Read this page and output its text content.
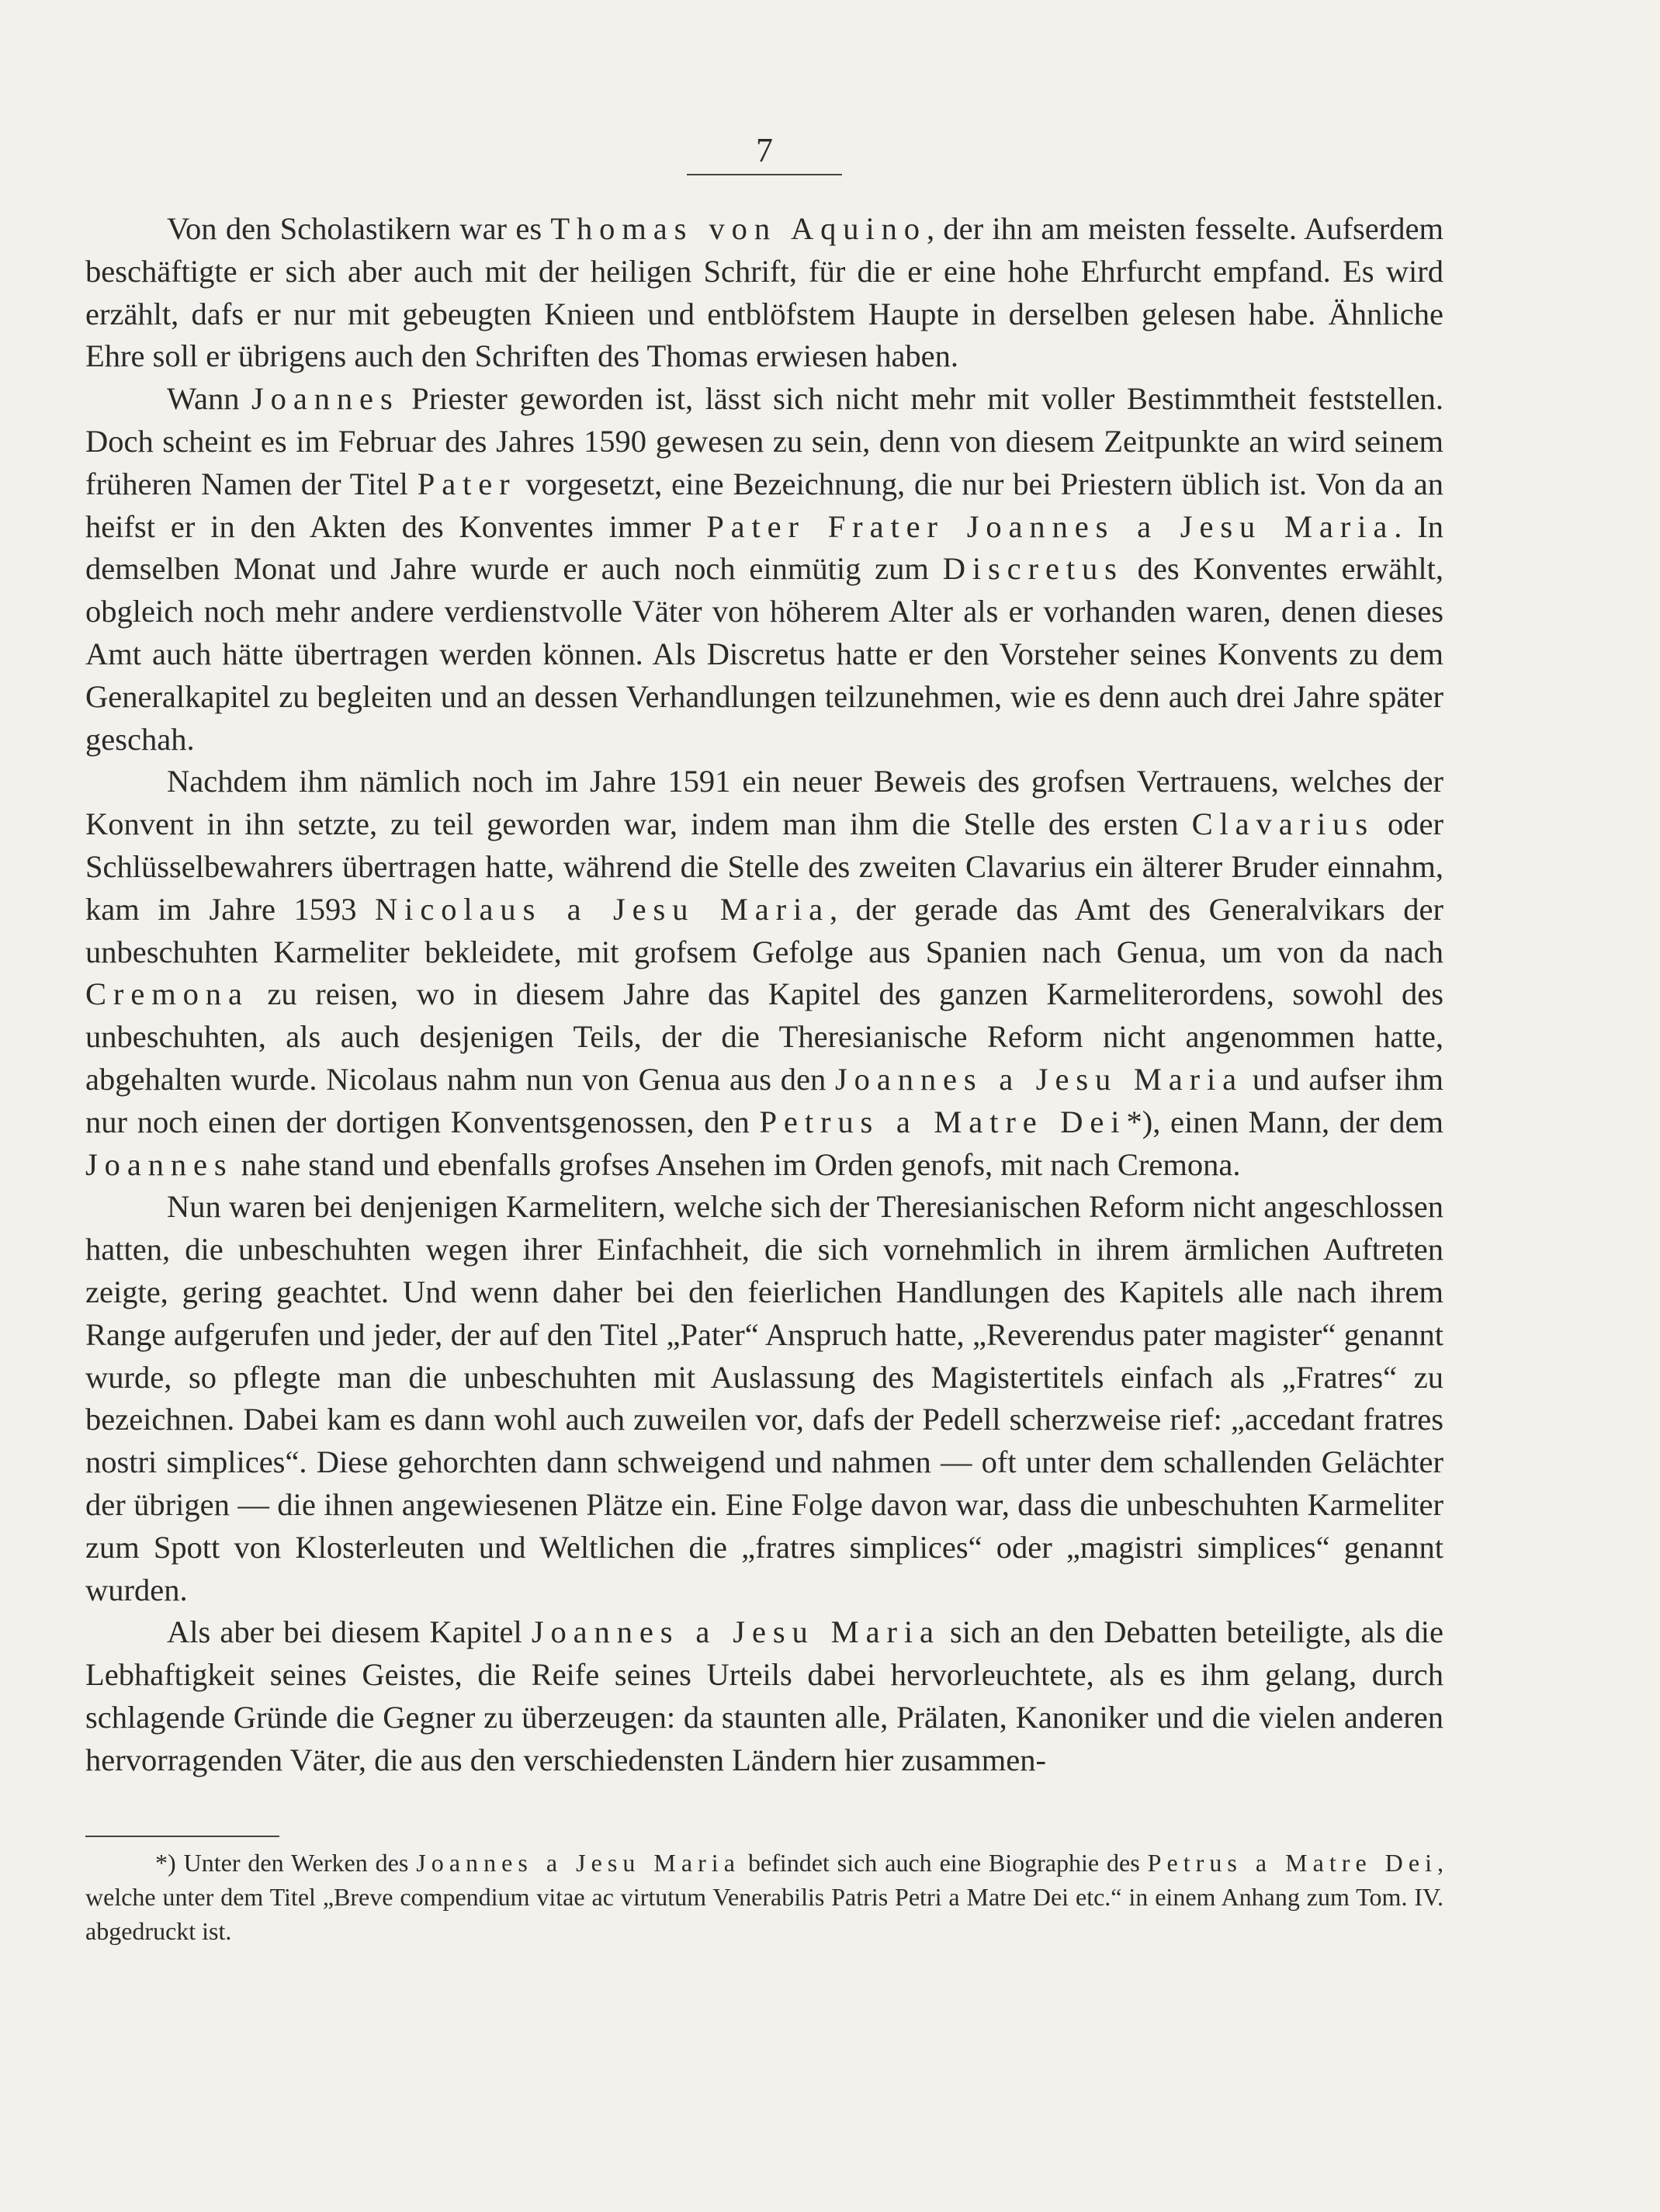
7

Von den Scholastikern war es Thomas von Aquino, der ihn am meisten fesselte. Aufserdem beschäftigte er sich aber auch mit der heiligen Schrift, für die er eine hohe Ehrfurcht empfand. Es wird erzählt, dafs er nur mit gebeugten Knieen und entblöfstem Haupte in derselben gelesen habe. Ähnliche Ehre soll er übrigens auch den Schriften des Thomas erwiesen haben.

Wann Joannes Priester geworden ist, lässt sich nicht mehr mit voller Bestimmtheit feststellen. Doch scheint es im Februar des Jahres 1590 gewesen zu sein, denn von diesem Zeitpunkte an wird seinem früheren Namen der Titel Pater vorgesetzt, eine Bezeichnung, die nur bei Priestern üblich ist. Von da an heifst er in den Akten des Konventes immer Pater Frater Joannes a Jesu Maria. In demselben Monat und Jahre wurde er auch noch einmütig zum Discretus des Konventes erwählt, obgleich noch mehr andere verdienstvolle Väter von höherem Alter als er vorhanden waren, denen dieses Amt auch hätte übertragen werden können. Als Discretus hatte er den Vorsteher seines Konvents zu dem Generalkapitel zu begleiten und an dessen Verhandlungen teilzunehmen, wie es denn auch drei Jahre später geschah.

Nachdem ihm nämlich noch im Jahre 1591 ein neuer Beweis des grofsen Vertrauens, welches der Konvent in ihn setzte, zu teil geworden war, indem man ihm die Stelle des ersten Clavarius oder Schlüsselbewahrers übertragen hatte, während die Stelle des zweiten Clavarius ein älterer Bruder einnahm, kam im Jahre 1593 Nicolaus a Jesu Maria, der gerade das Amt des Generalvikars der unbeschuhten Karmeliter bekleidete, mit grofsem Gefolge aus Spanien nach Genua, um von da nach Cremona zu reisen, wo in diesem Jahre das Kapitel des ganzen Karmeliterordens, sowohl des unbeschuhten, als auch desjenigen Teils, der die Theresianische Reform nicht angenommen hatte, abgehalten wurde. Nicolaus nahm nun von Genua aus den Joannes a Jesu Maria und aufser ihm nur noch einen der dortigen Konventsgenossen, den Petrus a Matre Dei*), einen Mann, der dem Joannes nahe stand und ebenfalls grofses Ansehen im Orden genofs, mit nach Cremona.

Nun waren bei denjenigen Karmelitern, welche sich der Theresianischen Reform nicht angeschlossen hatten, die unbeschuhten wegen ihrer Einfachheit, die sich vornehmlich in ihrem ärmlichen Auftreten zeigte, gering geachtet. Und wenn daher bei den feierlichen Handlungen des Kapitels alle nach ihrem Range aufgerufen und jeder, der auf den Titel „Pater“ Anspruch hatte, „Reverendus pater magister“ genannt wurde, so pflegte man die unbeschuhten mit Auslassung des Magistertitels einfach als „Fratres“ zu bezeichnen. Dabei kam es dann wohl auch zuweilen vor, dafs der Pedell scherzweise rief: „accedant fratres nostri simplices“. Diese gehorchten dann schweigend und nahmen — oft unter dem schallenden Gelächter der übrigen — die ihnen angewiesenen Plätze ein. Eine Folge davon war, dass die unbeschuhten Karmeliter zum Spott von Klosterleuten und Weltlichen die „fratres simplices“ oder „magistri simplices“ genannt wurden.

Als aber bei diesem Kapitel Joannes a Jesu Maria sich an den Debatten beteiligte, als die Lebhaftigkeit seines Geistes, die Reife seines Urteils dabei hervorleuchtete, als es ihm gelang, durch schlagende Gründe die Gegner zu überzeugen: da staunten alle, Prälaten, Kanoniker und die vielen anderen hervorragenden Väter, die aus den verschiedensten Ländern hier zusammen-

*) Unter den Werken des Joannes a Jesu Maria befindet sich auch eine Biographie des Petrus a Matre Dei, welche unter dem Titel „Breve compendium vitae ac virtutum Venerabilis Patris Petri a Matre Dei etc.“ in einem Anhang zum Tom. IV. abgedruckt ist.
